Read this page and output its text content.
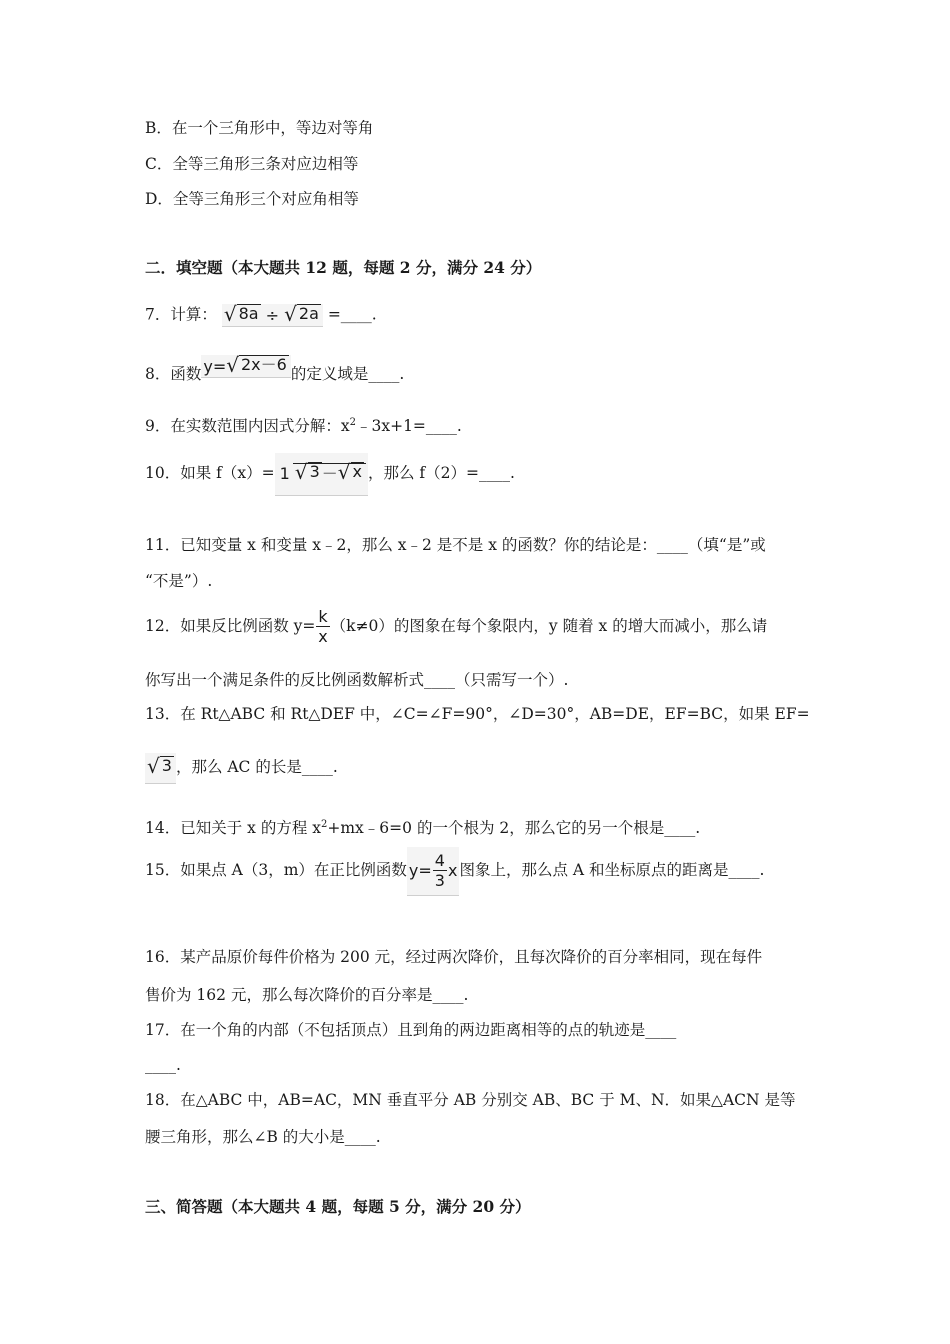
B．在一个三角形中，等边对等角
C．全等三角形三条对应边相等
D．全等三角形三个对应角相等
二．填空题（本大题共 12 题，每题 2 分，满分 24 分）
7．计算： √ 8a ÷ √ 2a =____.
8．函数 y= √ 2x－6
的定义域是____.
9．在实数范围内因式分解：$x^2﹣3x+1=\_\_\_\_$.
10．如果 f（x）= 1 √ 3 － √ x ，那么 f（2）=____.
11．已知变量 x 和变量 x﹣2，那么 x﹣2 是不是 x 的函数？你的结论是：____（填“是”或
“不是”）.
12．如果反比例函数 $y= \frac{k}{x} (k\ne 0)$的图象在每个象限内，y 随着 x 的增大而减小，那么请
你写出一个满足条件的反比例函数解析式____（只需写一个）.
13．在 Rt△ABC 和 Rt△DEF 中，∠C=∠F=90°，∠D=30°，AB=DE，EF=BC，如果 EF=
√ 3 ，那么 AC 的长是____.
14．已知关于 x 的方程 $x^2+mx﹣6=0$ 的一个根为 2，那么它的另一个根是____.
15．如果点 A（3，m）在正比例函数 $y= \frac{4}{3}$ x 图象上，那么点 A 和坐标原点的距离是____.
16．某产品原价每件价格为 200 元，经过两次降价，且每次降价的百分率相同，现在每件
售价为 162 元，那么每次降价的百分率是____.
17．在一个角的内部（不包括顶点）且到角的两边距离相等的点的轨迹是____
____.
18．在△ABC 中，AB=AC，MN 垂直平分 AB 分别交 AB、BC 于 M、N．如果△ACN 是等
腰三角形，那么∠B 的大小是____.
三、简答题（本大题共 4 题，每题 5 分，满分 20 分）
